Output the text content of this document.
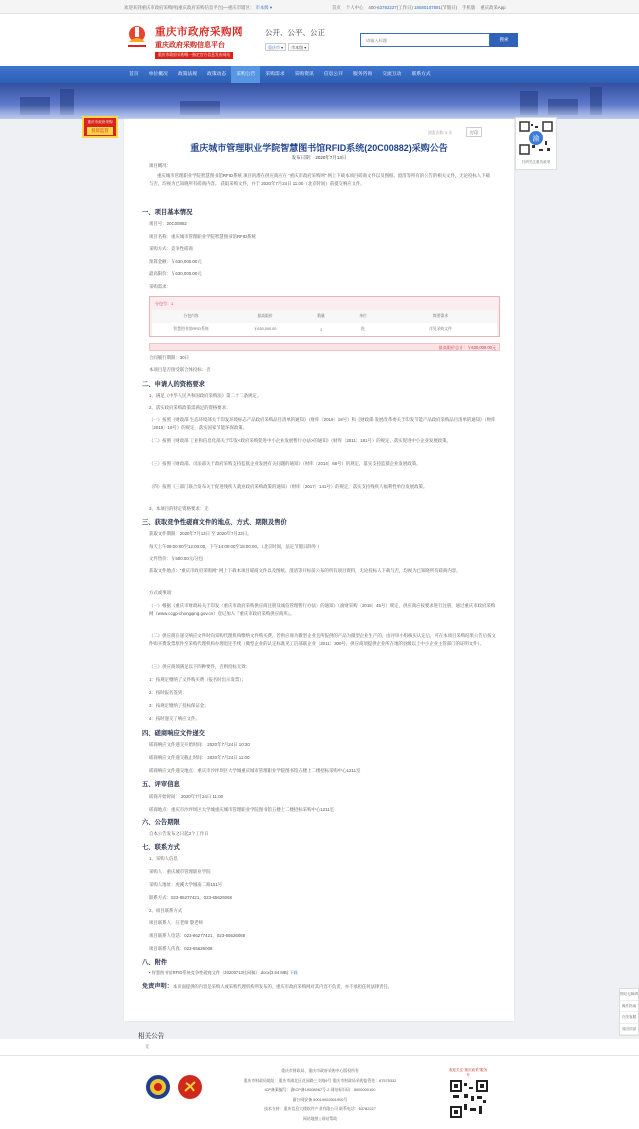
欢迎来到重庆市政府采购网(重庆政府采购信息平台)—重庆市辖区： 市本级 ▾	首页 个人中心 400-63782227(工作日) 18580107891(节假日) 手机版 重庆政采App
重庆市政府采购网
重庆政府采购信息平台
重庆市政府采购唯一指定官方信息发布网站
公开、公平、公正
重庆市 ▾	市本级 ▾
请输入标题	搜索
首页	单位概况	政策法规	政策动态	采购公告	采购需求	采购资讯	信息公开	服务咨询	交流互动	联系方式
重庆市政府采购
投诉监管
渝
扫码关注重庆政采
浏览次数: 5 次	打印
重庆城市管理职业学院智慧图书馆RFID系统(20C00882)采购公告
发布日期： 2020年7月13日
项目概况：
重庆城市管理职业学院智慧图书馆RFID系统 项目的潜在供应商应在 “重庆市政府采购网” 网上下载本项目磋商文件以及图纸、澄清等所有的公告的相关文件，无论投标人下载与否，均视为已知晓所有磋商内容。 获取采购文件，并于 2020年7月24日 11:00（北京时间）前提交响应文件。
一、项目基本情况
项目号：20C00882
项目名称：重庆城市管理职业学院智慧图书馆RFID系统
采购方式：竞争性磋商
预算金额：￥630,000.00元
最高限价：￥630,000.00元
采购需求：
分包号：1
分包内容	最高限价	数量	单位	简要需求
智慧图书馆RFID系统	￥630,000.00	1	批	详见采购文件
最高限价总计：￥630,000.00元
合同履行期限：30日
本项目是否接受联合体投标：否
二、申请人的资格要求
1、满足《中华人民共和国政府采购法》第二十二条规定。
2、落实政府采购政策需满足的资格要求：
（一）按照《财政部 生态环境部关于印发环境标志产品政府采购品目清单的通知》（财库〔2019〕18号）和《财政部 发展改革委关于印发节能产品政府采购品目清单的通知》（财库〔2019〕19号）的规定，落实国家节能环保政策。
（二）按照《财政部 工业和信息化部关于印发<政府采购促进中小企业发展暂行办法>的通知》（财库〔2011〕181号）的规定，落实促进中小企业发展政策。
（三）按照《财政部、司法部关于政府采购支持监狱企业发展有关问题的通知》（财库〔2014〕68号）的规定，落实支持监狱企业发展政策。
（四）按照《三部门联合发布关于促进残疾人就业政府采购政策的通知》（财库〔2017〕141号）的规定，落实支持残疾人福利性单位发展政策。
3、本项目的特定资格要求：无
三、获取竞争性磋商文件的地点、方式、期限及售价
获取文件期限：2020年7月13日 至 2020年7月23日。
每天上午09:00:00至12:00:00，下午14:00:00至18:00:00。（北京时间，法定节假日除外 ）
文件售价：￥500.00元/分包
获取文件地点：“重庆市政府采购网” 网上下载本项目磋商文件以及图纸、澄清等开标前公布的所有项目资料，无论投标人下载与否，均视为已知晓所有磋商内容。
方式或事项：
（一）根据《重庆市财政局关于印发〈重庆市政府采购供应商注册及诚信管理暂行办法〉的通知》（渝财采购〔2015〕45号）规定，供应商应按要求进行注册，通过重庆市政府采购网（www.ccgp-chongqing.gov.cn）登记加入『重庆市政府采购供应商库』。
（二）供应商在递交响应文件时向采购代理机构缴纳文件购买费，若供应商为微型企业且所报供的产品为微型企业生产的，由评审小组核实认定后，可在本项目采购结果公告后按文件购买费发票原件至采购代理机构办理退还手续（微型企业的认定标准见工信部联企业〔2011〕300号，供应商须提供企业所在地的县级以上中小企业主管部门的证明文件）。
（三）供应商须满足以下四种要件，否则投标无效：
1：按规定缴纳了文件购买费（报名时出示发票）；
2：按时报名签到；
3：按规定缴纳了投标保证金；
4：按时递交了响应文件。
四、磋商响应文件递交
磋商响应文件递交开始时间： 2020年7月24日 10:30
磋商响应文件递交截止时间： 2020年7月24日 11:00
磋商响应文件递交地点：重庆市沙坪坝区大学城重庆城市管理职业学院图书馆五楼上二楼招标采购中心1211室
五、评审信息
磋商开始时间： 2020年7月24日 11:00
磋商地点：重庆市沙坪坝区大学城重庆城市管理职业学院图书馆五楼上二楼招标采购中心1211室
六、公告期限
自本公告发布之日起3个工作日
七、联系方式
1、采购人信息
采购人：重庆城市管理职业学院
采购人地址：虎溪大学城南二路151号
联系方式：023-86277421，023-65626068
2、项目联系方式
项目联系人：汪老师 黎老师
项目联系人电话：023-86277421，023-65626068
项目联系人传真：023-65626008
八、附件
▪ 智慧图书馆RFID系统竞争性磋商文件（20200713挂网稿）.docx(3.54 MB) 下载
免责声明：本页面提供的内容是采购人或采购代理机构所发布的，重庆市政府采购网对其内容不负责，亦不承担任何法律责任。
相关公告
无
网站无障碍
操作指南
在线客服
返回顶部
重庆市财政局、重庆市政府采购中心版权所有
重庆市财政局地址：重庆市渝北区花园路三支路9号 重庆市财政局采购监管处：67575332
ICP备案编号：渝ICP备19008967号-2 网站标识码：5000000100
渝公网安备 50019002501900号
技术支持：重庆信息大楼软件产业有限公司 联系电话：63782227
网站地图 | 网站帮助
欢迎关注“重庆政采”服务号
